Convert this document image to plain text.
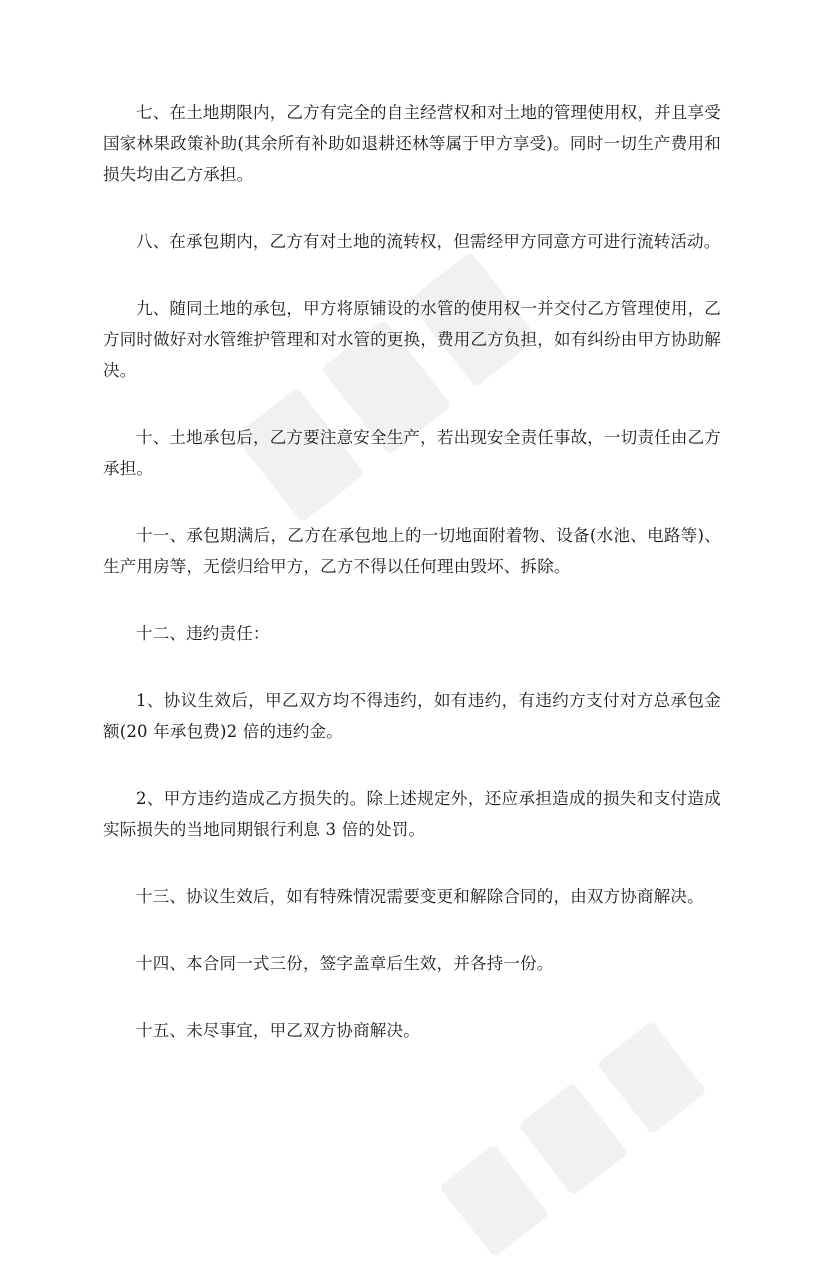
七、在土地期限内，乙方有完全的自主经营权和对土地的管理使用权，并且享受国家林果政策补助(其余所有补助如退耕还林等属于甲方享受)。同时一切生产费用和损失均由乙方承担。

八、在承包期内，乙方有对土地的流转权，但需经甲方同意方可进行流转活动。

九、随同土地的承包，甲方将原铺设的水管的使用权一并交付乙方管理使用，乙方同时做好对水管维护管理和对水管的更换，费用乙方负担，如有纠纷由甲方协助解决。

十、土地承包后，乙方要注意安全生产，若出现安全责任事故，一切责任由乙方承担。

十一、承包期满后，乙方在承包地上的一切地面附着物、设备(水池、电路等)、生产用房等，无偿归给甲方，乙方不得以任何理由毁坏、拆除。

十二、违约责任：

1、协议生效后，甲乙双方均不得违约，如有违约，有违约方支付对方总承包金额(20 年承包费)2 倍的违约金。

2、甲方违约造成乙方损失的。除上述规定外，还应承担造成的损失和支付造成实际损失的当地同期银行利息 3 倍的处罚。

十三、协议生效后，如有特殊情况需要变更和解除合同的，由双方协商解决。

十四、本合同一式三份，签字盖章后生效，并各持一份。

十五、未尽事宜，甲乙双方协商解决。
